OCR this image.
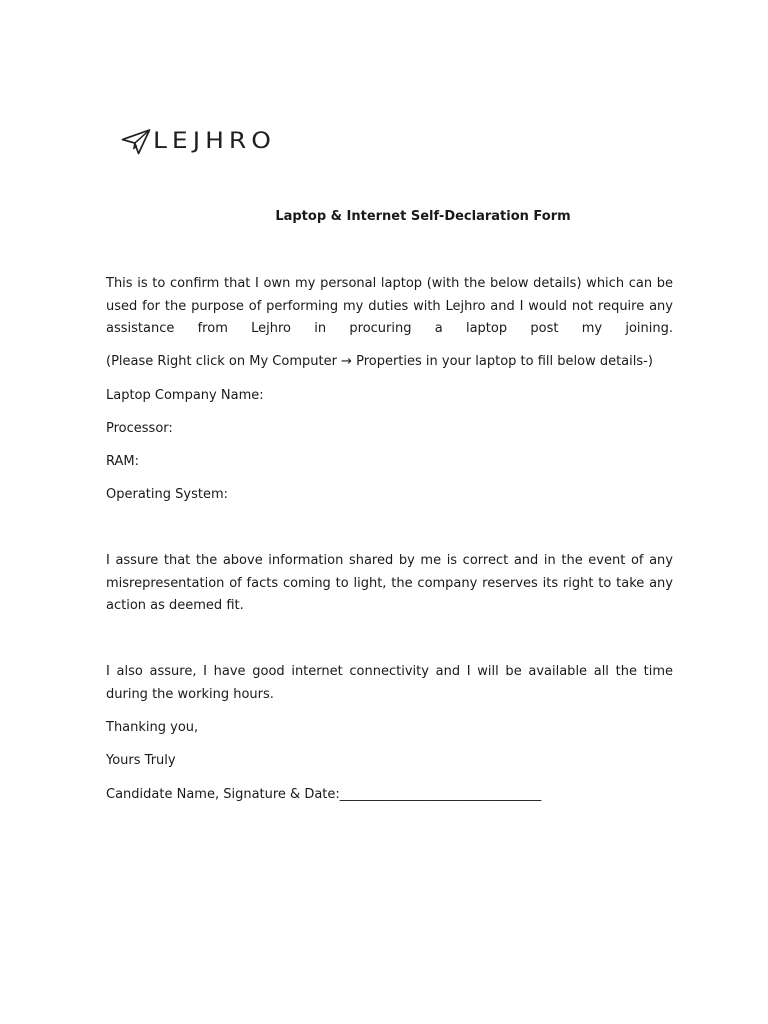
LEJHRO
Laptop & Internet Self-Declaration Form

This is to confirm that I own my personal laptop (with the below details) which can be used for the purpose of performing my duties with Lejhro and I would not require any assistance from Lejhro in procuring a laptop post my joining.

(Please Right click on My Computer → Properties in your laptop to fill below details-)

Laptop Company Name:

Processor:

RAM:

Operating System:

I assure that the above information shared by me is correct and in the event of any misrepresentation of facts coming to light, the company reserves its right to take any action as deemed fit.

I also assure, I have good internet connectivity and I will be available all the time during the working hours.

Thanking you,

Yours Truly

Candidate Name, Signature & Date:_______________________________
